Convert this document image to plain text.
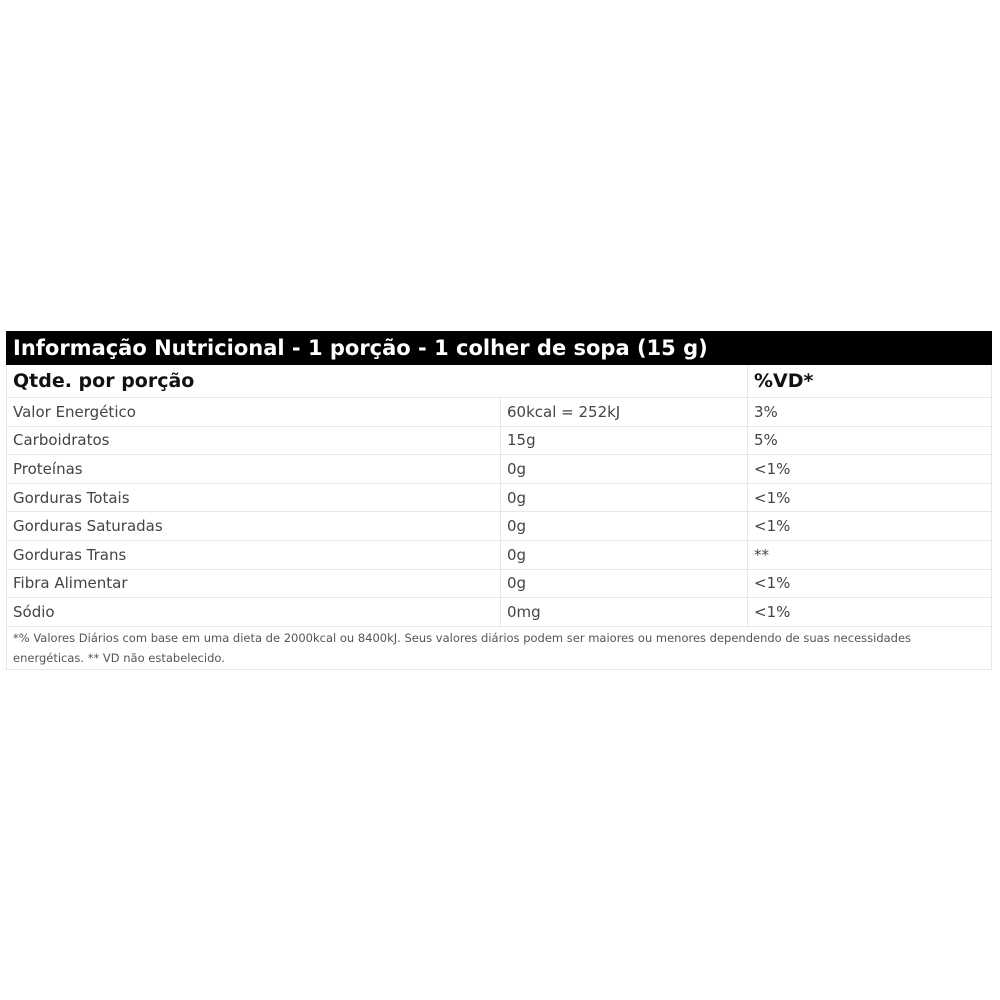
Informação Nutricional - 1 porção - 1 colher de sopa (15 g)		
Qtde. por porção		%VD*
Valor Energético	60kcal = 252kJ	3%
Carboidratos	15g	5%
Proteínas	0g	<1%
Gorduras Totais	0g	<1%
Gorduras Saturadas	0g	<1%
Gorduras Trans	0g	**
Fibra Alimentar	0g	<1%
Sódio	0mg	<1%
*% Valores Diários com base em uma dieta de 2000kcal ou 8400kJ. Seus valores diários podem ser maiores ou menores dependendo de suas necessidades energéticas. ** VD não estabelecido.		
